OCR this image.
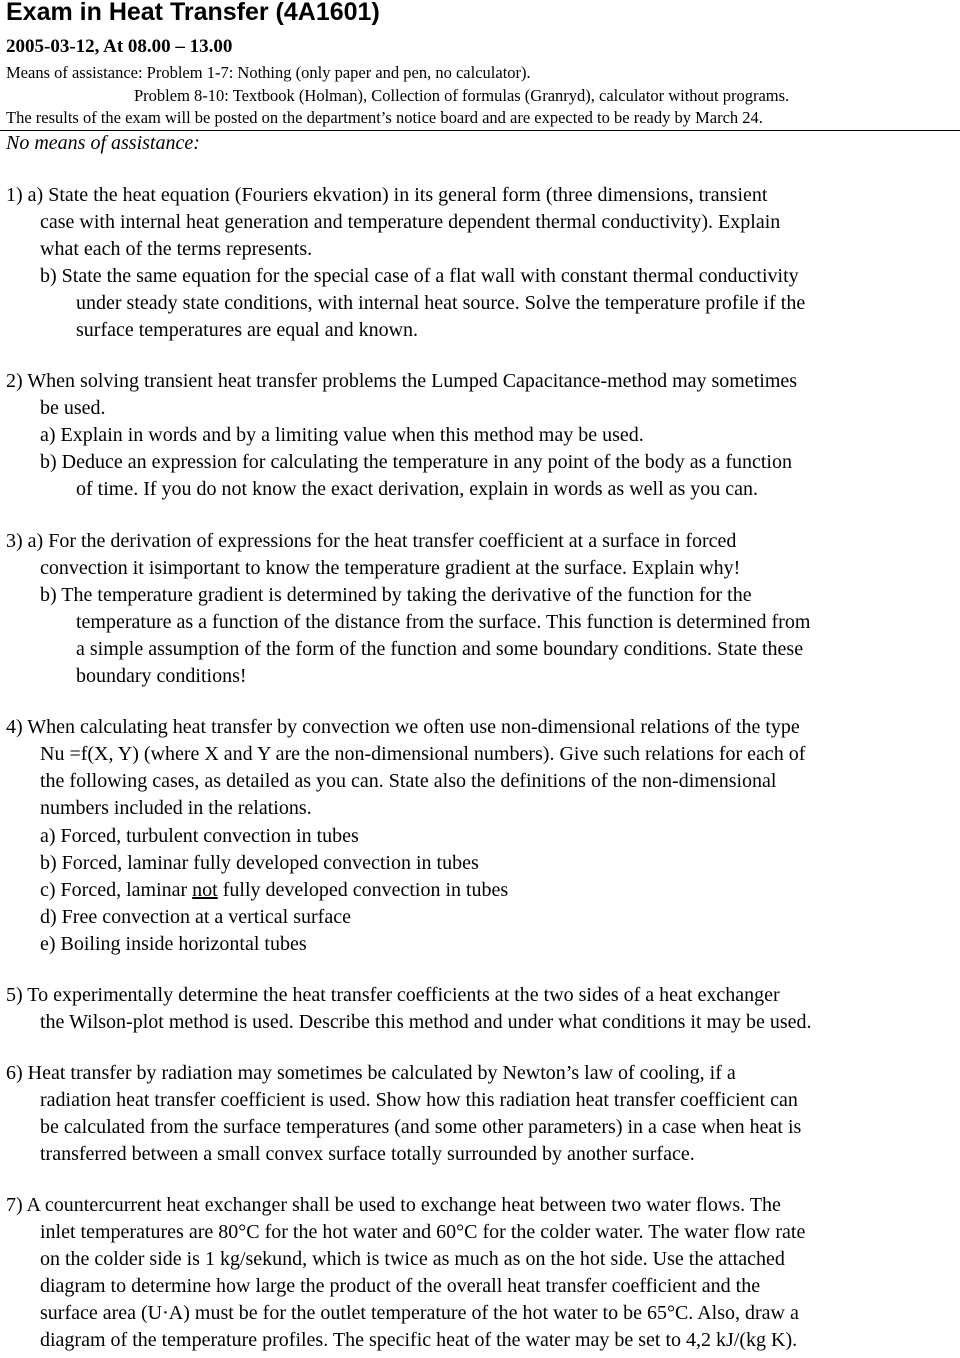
Exam in Heat Transfer (4A1601)
2005-03-12, At 08.00 – 13.00
Means of assistance: Problem 1-7: Nothing (only paper and pen, no calculator).
Problem 8-10: Textbook (Holman), Collection of formulas (Granryd), calculator without programs.
The results of the exam will be posted on the department’s notice board and are expected to be ready by March 24.
No means of assistance:
1) a) State the heat equation (Fouriers ekvation) in its general form (three dimensions, transient
case with internal heat generation and temperature dependent thermal conductivity). Explain
what each of the terms represents.
b) State the same equation for the special case of a flat wall with constant thermal conductivity
under steady state conditions, with internal heat source. Solve the temperature profile if the
surface temperatures are equal and known.
2) When solving transient heat transfer problems the Lumped Capacitance-method may sometimes
be used.
a) Explain in words and by a limiting value when this method may be used.
b) Deduce an expression for calculating the temperature in any point of the body as a function
of time. If you do not know the exact derivation, explain in words as well as you can.
3) a) For the derivation of expressions for the heat transfer coefficient at a surface in forced
convection it isimportant to know the temperature gradient at the surface. Explain why!
b) The temperature gradient is determined by taking the derivative of the function for the
temperature as a function of the distance from the surface. This function is determined from
a simple assumption of the form of the function and some boundary conditions. State these
boundary conditions!
4) When calculating heat transfer by convection we often use non-dimensional relations of the type
Nu =f(X, Y) (where X and Y are the non-dimensional numbers). Give such relations for each of
the following cases, as detailed as you can. State also the definitions of the non-dimensional
numbers included in the relations.
a) Forced, turbulent convection in tubes
b) Forced, laminar fully developed convection in tubes
c) Forced, laminar not fully developed convection in tubes
d) Free convection at a vertical surface
e) Boiling inside horizontal tubes
5) To experimentally determine the heat transfer coefficients at the two sides of a heat exchanger
the Wilson-plot method is used. Describe this method and under what conditions it may be used.
6) Heat transfer by radiation may sometimes be calculated by Newton’s law of cooling, if a
radiation heat transfer coefficient is used. Show how this radiation heat transfer coefficient can
be calculated from the surface temperatures (and some other parameters) in a case when heat is
transferred between a small convex surface totally surrounded by another surface.
7) A countercurrent heat exchanger shall be used to exchange heat between two water flows. The
inlet temperatures are 80°C for the hot water and 60°C for the colder water. The water flow rate
on the colder side is 1 kg/sekund, which is twice as much as on the hot side. Use the attached
diagram to determine how large the product of the overall heat transfer coefficient and the
surface area (U·A) must be for the outlet temperature of the hot water to be 65°C. Also, draw a
diagram of the temperature profiles. The specific heat of the water may be set to 4,2 kJ/(kg K).
